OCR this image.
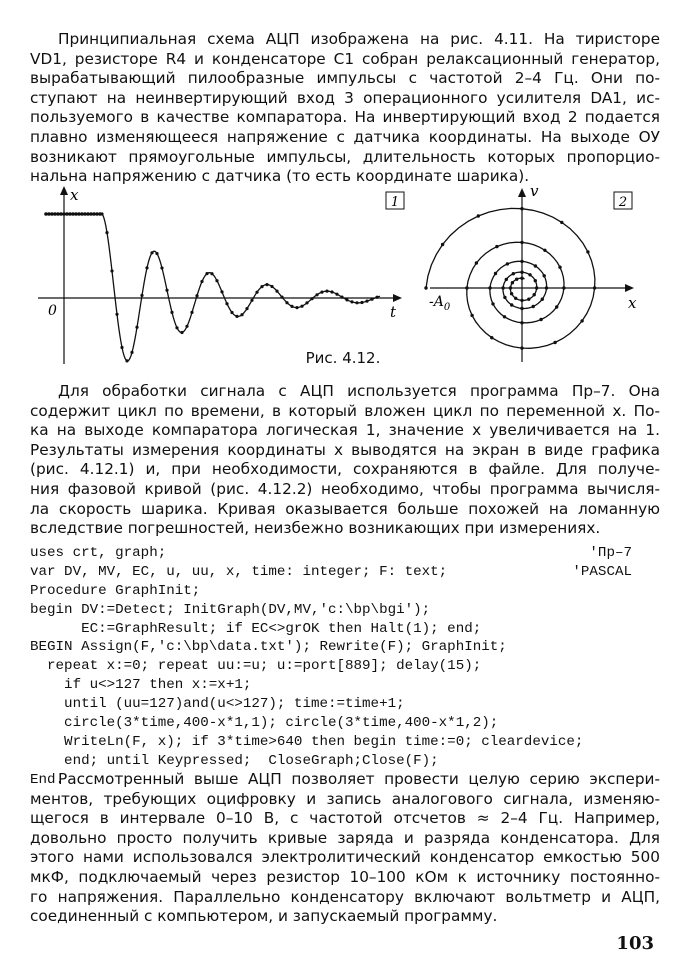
Принципиальная схема АЦП изображена на рис. 4.11. На тиристоре
VD1, резисторе R4 и конденсаторе C1 собран релаксационный генератор,
вырабатывающий пилообразные импульсы с частотой 2–4 Гц. Они по-
ступают на неинвертирующий вход 3 операционного усилителя DA1, ис-
пользуемого в качестве компаратора. На инвертирующий вход 2 подается
плавно изменяющееся напряжение с датчика координаты. На выходе ОУ
возникают прямоугольные импульсы, длительность которых пропорцио-
нальна напряжению с датчика (то есть координате шарика).
x
t
0
1
v
x
$-A_0$
2
Рис. 4.12.
Для обработки сигнала с АЦП используется программа Пр–7. Она
содержит цикл по времени, в который вложен цикл по переменной x. По-
ка на выходе компаратора логическая 1, значение x увеличивается на 1.
Результаты измерения координаты x выводятся на экран в виде графика
(рис. 4.12.1) и, при необходимости, сохраняются в файле. Для получе-
ния фазовой кривой (рис. 4.12.2) необходимо, чтобы программа вычисля-
ла скорость шарика. Кривая оказывается больше похожей на ломанную
вследствие погрешностей, неизбежно возникающих при измерениях.
uses crt, graph;	'Пр–7
var DV, MV, EC, u, uu, x, time: integer; F: text;	'PASCAL
Procedure GraphInit;
begin DV:=Detect; InitGraph(DV,MV,'c:\bp\bgi');
EC:=GraphResult; if EC<>grOK then Halt(1); end;
BEGIN Assign(F,'c:\bp\data.txt'); Rewrite(F); GraphInit;
repeat x:=0; repeat uu:=u; u:=port[889]; delay(15);
if u<>127 then x:=x+1;
until (uu=127)and(u<>127); time:=time+1;
circle(3*time,400-x*1,1); circle(3*time,400-x*1,2);
WriteLn(F, x); if 3*time>640 then begin time:=0; cleardevice;
end; until Keypressed;  CloseGraph;Close(F);
End.
Рассмотренный выше АЦП позволяет провести целую серию экспери-
ментов, требующих оцифровку и запись аналогового сигнала, изменяю-
щегося в интервале 0–10 В, с частотой отсчетов ≈ 2–4 Гц. Например,
довольно просто получить кривые заряда и разряда конденсатора. Для
этого нами использовался электролитический конденсатор емкостью 500
мкФ, подключаемый через резистор 10–100 кОм к источнику постоянно-
го напряжения. Параллельно конденсатору включают вольтметр и АЦП,
соединенный с компьютером, и запускаемый программу.
103
